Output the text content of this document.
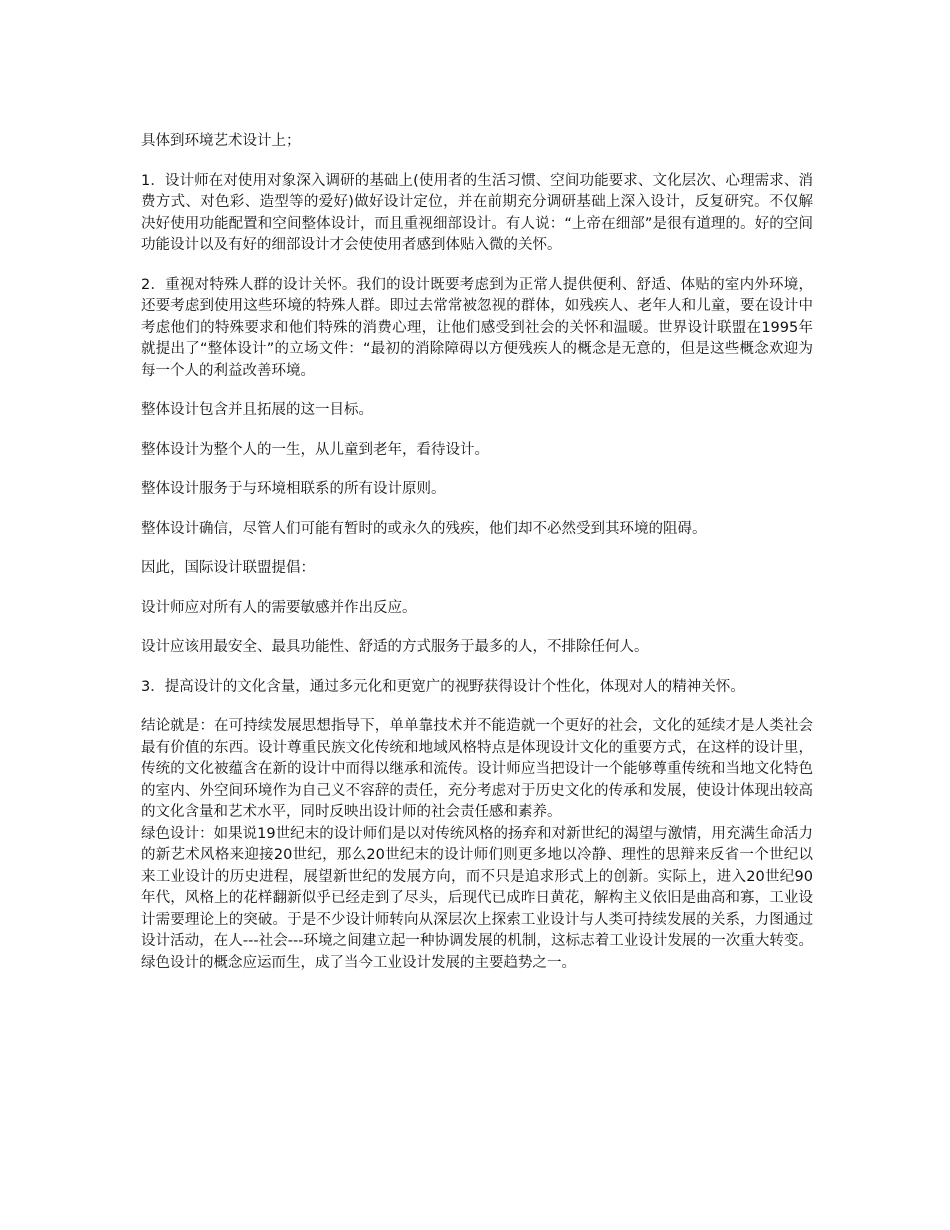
具体到环境艺术设计上；

1．设计师在对使用对象深入调研的基础上(使用者的生活习惯、空间功能要求、文化层次、心理需求、消费方式、对色彩、造型等的爱好)做好设计定位，并在前期充分调研基础上深入设计，反复研究。不仅解决好使用功能配置和空间整体设计，而且重视细部设计。有人说：“上帝在细部”是很有道理的。好的空间功能设计以及有好的细部设计才会使使用者感到体贴入微的关怀。

2．重视对特殊人群的设计关怀。我们的设计既要考虑到为正常人提供便利、舒适、体贴的室内外环境，还要考虑到使用这些环境的特殊人群。即过去常常被忽视的群体，如残疾人、老年人和儿童，要在设计中考虑他们的特殊要求和他们特殊的消费心理，让他们感受到社会的关怀和温暖。世界设计联盟在1995年就提出了“整体设计”的立场文件：“最初的消除障碍以方便残疾人的概念是无意的，但是这些概念欢迎为每一个人的利益改善环境。

整体设计包含并且拓展的这一目标。

整体设计为整个人的一生，从儿童到老年，看待设计。

整体设计服务于与环境相联系的所有设计原则。

整体设计确信，尽管人们可能有暂时的或永久的残疾，他们却不必然受到其环境的阻碍。

因此，国际设计联盟提倡：

设计师应对所有人的需要敏感并作出反应。

设计应该用最安全、最具功能性、舒适的方式服务于最多的人，不排除任何人。

3．提高设计的文化含量，通过多元化和更宽广的视野获得设计个性化，体现对人的精神关怀。

结论就是：在可持续发展思想指导下，单单靠技术并不能造就一个更好的社会，文化的延续才是人类社会最有价值的东西。设计尊重民族文化传统和地域风格特点是体现设计文化的重要方式，在这样的设计里，传统的文化被蕴含在新的设计中而得以继承和流传。设计师应当把设计一个能够尊重传统和当地文化特色的室内、外空间环境作为自己义不容辞的责任，充分考虑对于历史文化的传承和发展，使设计体现出较高的文化含量和艺术水平，同时反映出设计师的社会责任感和素养。

绿色设计：如果说19世纪末的设计师们是以对传统风格的扬弃和对新世纪的渴望与激情，用充满生命活力的新艺术风格来迎接20世纪，那么20世纪末的设计师们则更多地以冷静、理性的思辩来反省一个世纪以来工业设计的历史进程，展望新世纪的发展方向，而不只是追求形式上的创新。实际上，进入20世纪90年代，风格上的花样翻新似乎已经走到了尽头，后现代已成昨日黄花，解构主义依旧是曲高和寡，工业设计需要理论上的突破。于是不少设计师转向从深层次上探索工业设计与人类可持续发展的关系，力图通过设计活动，在人---社会---环境之间建立起一种协调发展的机制，这标志着工业设计发展的一次重大转变。绿色设计的概念应运而生，成了当今工业设计发展的主要趋势之一。
